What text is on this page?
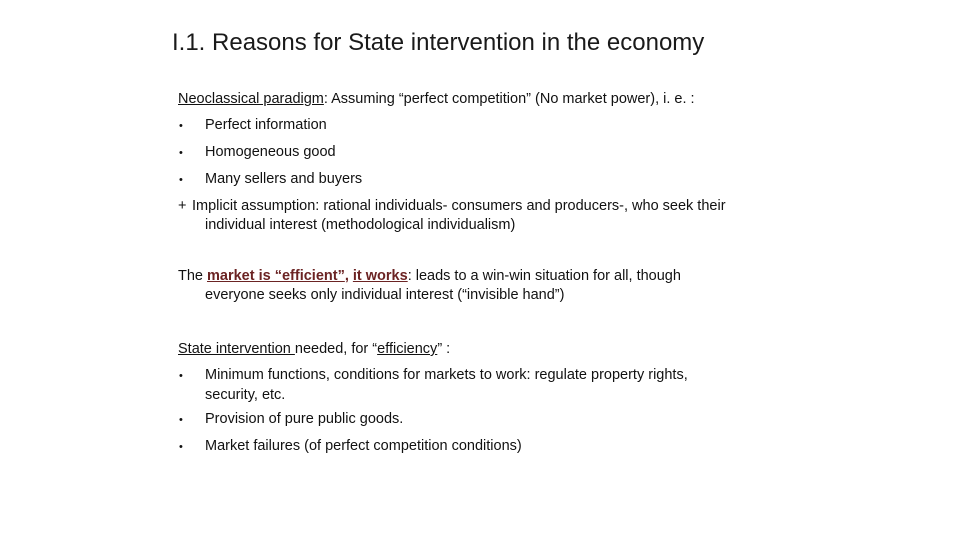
I.1. Reasons for State intervention in the economy
Neoclassical paradigm: Assuming “perfect competition” (No market power), i. e. :
• Perfect information
• Homogeneous good
• Many sellers and buyers
+ Implicit assumption: rational individuals- consumers and producers-, who seek their
individual interest (methodological individualism)
The market is “efficient”, it works: leads to a win-win situation for all, though
everyone seeks only individual interest (“invisible hand”)
State intervention needed, for “efficiency” :
• Minimum functions, conditions for markets to work: regulate property rights,
security, etc.
• Provision of pure public goods.
• Market failures (of perfect competition conditions)
